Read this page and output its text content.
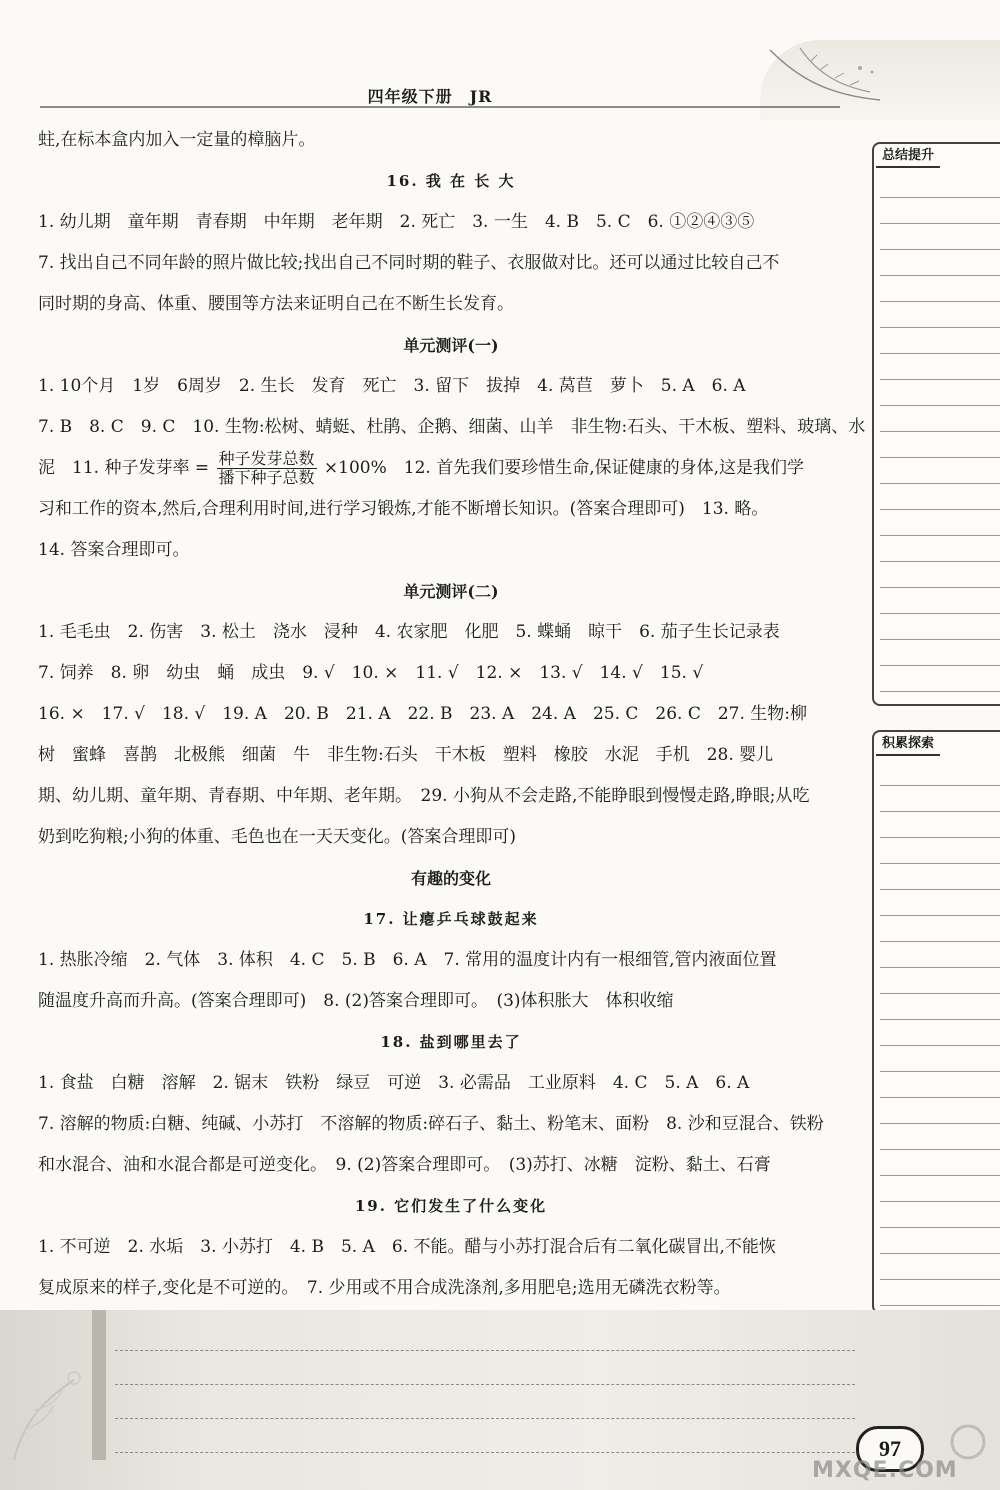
四年级下册　JR

蛀,在标本盒内加入一定量的樟脑片。

16. 我 在 长 大

1. 幼儿期　童年期　青春期　中年期　老年期　2. 死亡　3. 一生　4. B　5. C　6. ①②④③⑤

7. 找出自己不同年龄的照片做比较;找出自己不同时期的鞋子、衣服做对比。还可以通过比较自己不

同时期的身高、体重、腰围等方法来证明自己在不断生长发育。

单元测评(一)

1. 10个月　1岁　6周岁　2. 生长　发育　死亡　3. 留下　拔掉　4. 莴苣　萝卜　5. A　6. A

7. B　8. C　9. C　10. 生物:松树、蜻蜓、杜鹃、企鹅、细菌、山羊　非生物:石头、干木板、塑料、玻璃、水

泥　11. 种子发芽率 = $\frac{\text{种子发芽总数}}{\text{播下种子总数}} \times 100\%$　12. 首先我们要珍惜生命,保证健康的身体,这是我们学

习和工作的资本,然后,合理利用时间,进行学习锻炼,才能不断增长知识。(答案合理即可)　13. 略。

14. 答案合理即可。

单元测评(二)

1. 毛毛虫　2. 伤害　3. 松土　浇水　浸种　4. 农家肥　化肥　5. 蝶蛹　晾干　6. 茄子生长记录表

7. 饲养　8. 卵　幼虫　蛹　成虫　9. √　10. ×　11. √　12. ×　13. √　14. √　15. √

16. ×　17. √　18. √　19. A　20. B　21. A　22. B　23. A　24. A　25. C　26. C　27. 生物:柳

树　蜜蜂　喜鹊　北极熊　细菌　牛　非生物:石头　干木板　塑料　橡胶　水泥　手机　28. 婴儿

期、幼儿期、童年期、青春期、中年期、老年期。　29. 小狗从不会走路,不能睁眼到慢慢走路,睁眼;从吃

奶到吃狗粮;小狗的体重、毛色也在一天天变化。(答案合理即可)

有趣的变化

17. 让瘪乒乓球鼓起来

1. 热胀冷缩　2. 气体　3. 体积　4. C　5. B　6. A　7. 常用的温度计内有一根细管,管内液面位置

随温度升高而升高。(答案合理即可)　8. (2)答案合理即可。　(3)体积胀大　体积收缩

18. 盐到哪里去了

1. 食盐　白糖　溶解　2. 锯末　铁粉　绿豆　可逆　3. 必需品　工业原料　4. C　5. A　6. A

7. 溶解的物质:白糖、纯碱、小苏打　不溶解的物质:碎石子、黏土、粉笔末、面粉　8. 沙和豆混合、铁粉

和水混合、油和水混合都是可逆变化。　9. (2)答案合理即可。　(3)苏打、冰糖　淀粉、黏土、石膏

19. 它们发生了什么变化

1. 不可逆　2. 水垢　3. 小苏打　4. B　5. A　6. 不能。醋与小苏打混合后有二氧化碳冒出,不能恢

复成原来的样子,变化是不可逆的。　7. 少用或不用合成洗涤剂,多用肥皂;选用无磷洗衣粉等。

总结提升
积累探索
97
MXQE.COM
